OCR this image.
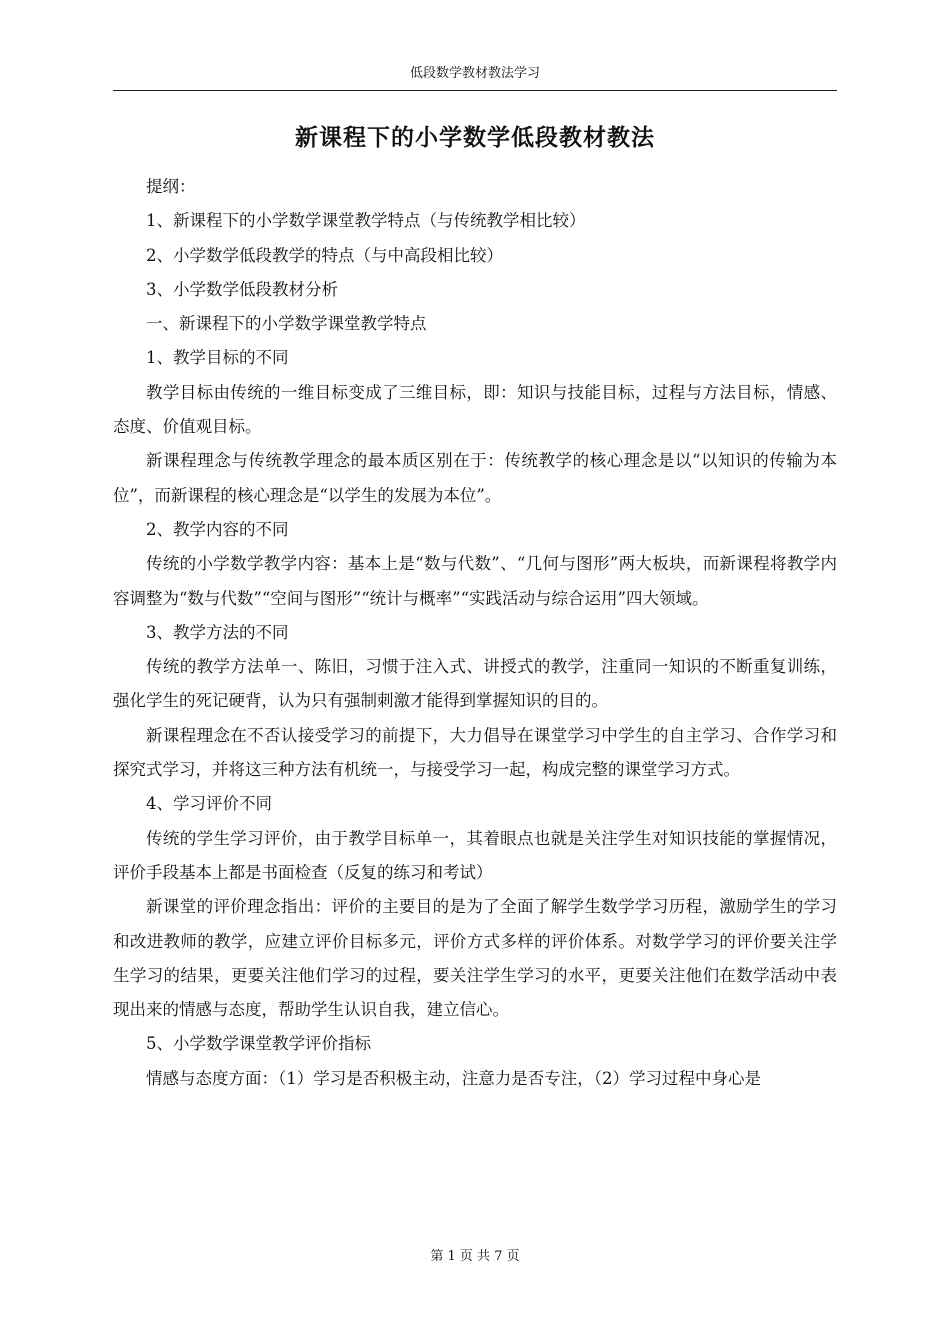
低段数学教材教法学习
新课程下的小学数学低段教材教法

提纲：

1、新课程下的小学数学课堂教学特点（与传统教学相比较）

2、小学数学低段教学的特点（与中高段相比较）

3、小学数学低段教材分析

一、新课程下的小学数学课堂教学特点

1、教学目标的不同

教学目标由传统的一维目标变成了三维目标，即：知识与技能目标，过程与方法目标，情感、态度、价值观目标。

新课程理念与传统教学理念的最本质区别在于：传统教学的核心理念是以“以知识的传输为本位”，而新课程的核心理念是“以学生的发展为本位”。

2、教学内容的不同

传统的小学数学教学内容：基本上是“数与代数”、“几何与图形”两大板块，而新课程将教学内容调整为“数与代数”“空间与图形”“统计与概率”“实践活动与综合运用”四大领域。

3、教学方法的不同

传统的教学方法单一、陈旧，习惯于注入式、讲授式的教学，注重同一知识的不断重复训练，强化学生的死记硬背，认为只有强制刺激才能得到掌握知识的目的。

新课程理念在不否认接受学习的前提下，大力倡导在课堂学习中学生的自主学习、合作学习和探究式学习，并将这三种方法有机统一，与接受学习一起，构成完整的课堂学习方式。

4、学习评价不同

传统的学生学习评价，由于教学目标单一，其着眼点也就是关注学生对知识技能的掌握情况，评价手段基本上都是书面检查（反复的练习和考试）

新课堂的评价理念指出：评价的主要目的是为了全面了解学生数学学习历程，激励学生的学习和改进教师的教学，应建立评价目标多元，评价方式多样的评价体系。对数学学习的评价要关注学生学习的结果，更要关注他们学习的过程，要关注学生学习的水平，更要关注他们在数学活动中表现出来的情感与态度，帮助学生认识自我，建立信心。

5、小学数学课堂教学评价指标

情感与态度方面：（1）学习是否积极主动，注意力是否专注，（2）学习过程中身心是

第 1 页 共 7 页
